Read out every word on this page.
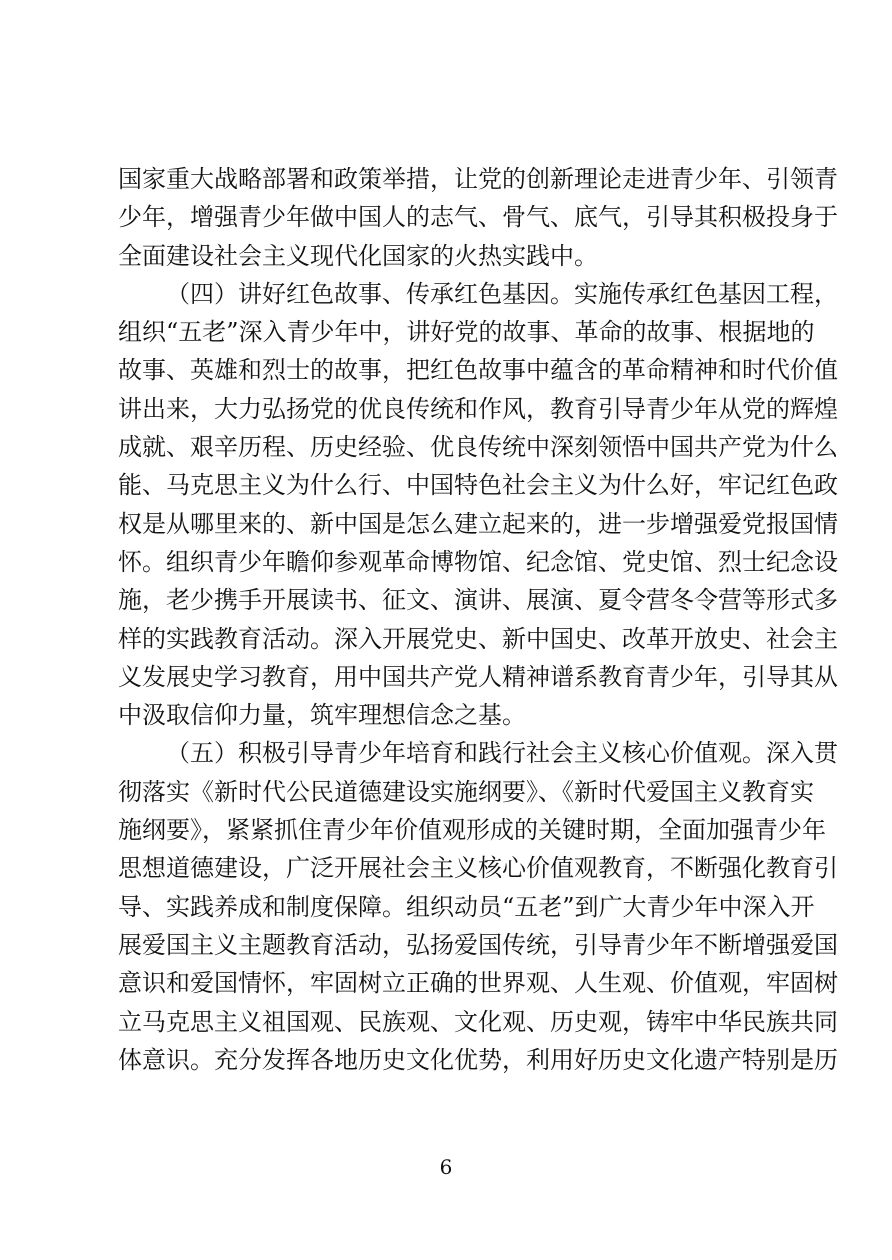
国家重大战略部署和政策举措，让党的创新理论走进青少年、引领青
少年，增强青少年做中国人的志气、骨气、底气，引导其积极投身于
全面建设社会主义现代化国家的火热实践中。
（四）讲好红色故事、传承红色基因。实施传承红色基因工程，
组织“五老”深入青少年中，讲好党的故事、革命的故事、根据地的
故事、英雄和烈士的故事，把红色故事中蕴含的革命精神和时代价值
讲出来，大力弘扬党的优良传统和作风，教育引导青少年从党的辉煌
成就、艰辛历程、历史经验、优良传统中深刻领悟中国共产党为什么
能、马克思主义为什么行、中国特色社会主义为什么好，牢记红色政
权是从哪里来的、新中国是怎么建立起来的，进一步增强爱党报国情
怀。组织青少年瞻仰参观革命博物馆、纪念馆、党史馆、烈士纪念设
施，老少携手开展读书、征文、演讲、展演、夏令营冬令营等形式多
样的实践教育活动。深入开展党史、新中国史、改革开放史、社会主
义发展史学习教育，用中国共产党人精神谱系教育青少年，引导其从
中汲取信仰力量，筑牢理想信念之基。
（五）积极引导青少年培育和践行社会主义核心价值观。深入贯
彻落实《新时代公民道德建设实施纲要》、《新时代爱国主义教育实
施纲要》，紧紧抓住青少年价值观形成的关键时期，全面加强青少年
思想道德建设，广泛开展社会主义核心价值观教育，不断强化教育引
导、实践养成和制度保障。组织动员“五老”到广大青少年中深入开
展爱国主义主题教育活动，弘扬爱国传统，引导青少年不断增强爱国
意识和爱国情怀，牢固树立正确的世界观、人生观、价值观，牢固树
立马克思主义祖国观、民族观、文化观、历史观，铸牢中华民族共同
体意识。充分发挥各地历史文化优势，利用好历史文化遗产特别是历
6
